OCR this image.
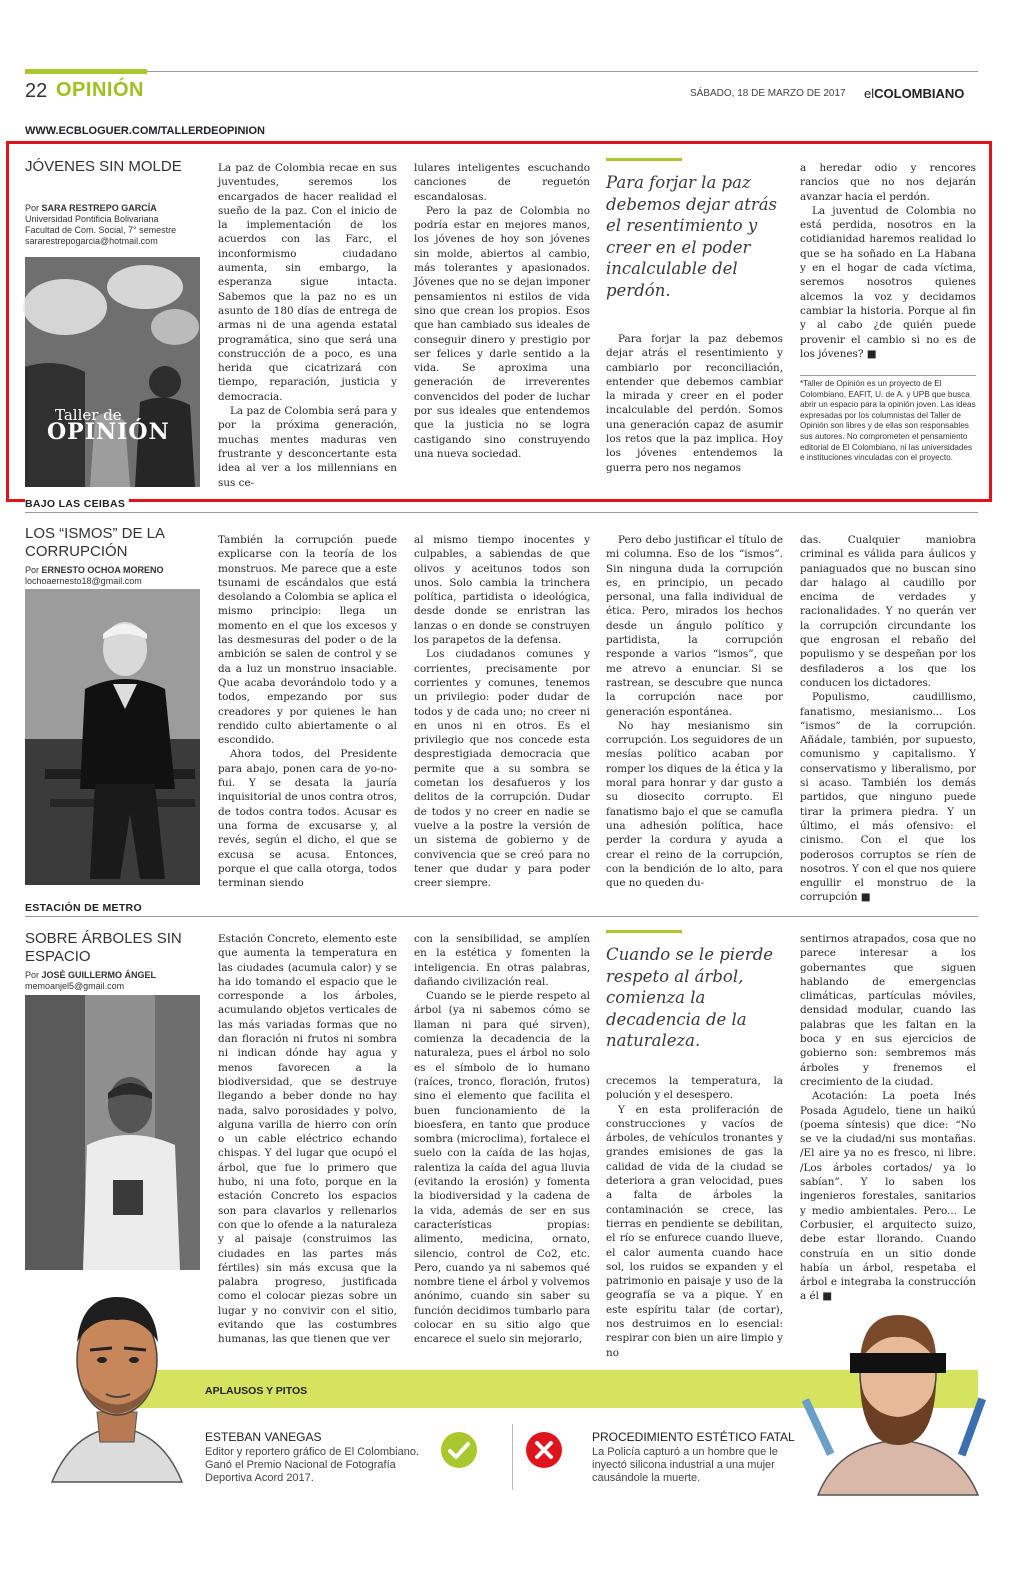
22 OPINIÓN	SÁBADO, 18 DE MARZO DE 2017 elCOLOMBIANO
WWW.ECBLOGUER.COM/TALLERDEOPINION
JÓVENES SIN MOLDE
Por SARA RESTREPO GARCÍA
Universidad Pontificia Bolivariana
Facultad de Com. Social, 7° semestre
sararestrepogarcia@hotmail.com
Taller de
OPINIÓN

La paz de Colombia recae en sus juventudes, seremos los encargados de hacer realidad el sueño de la paz. Con el inicio de la implementación de los acuerdos con las Farc, el inconformismo ciudadano aumenta, sin embargo, la esperanza sigue intacta. Sabemos que la paz no es un asunto de 180 días de entrega de armas ni de una agenda estatal programática, sino que será una construcción de a poco, es una herida que cicatrizará con tiempo, reparación, justicia y democracia.

La paz de Colombia será para y por la próxima generación, muchas mentes maduras ven frustrante y desconcertante esta idea al ver a los millennians en sus ce-

lulares inteligentes escuchando canciones de reguetón escandalosas.

Pero la paz de Colombia no podría estar en mejores manos, los jóvenes de hoy son jóvenes sin molde, abiertos al cambio, más tolerantes y apasionados. Jóvenes que no se dejan imponer pensamientos ni estilos de vida sino que crean los propios. Esos que han cambiado sus ideales de conseguir dinero y prestigio por ser felices y darle sentido a la vida. Se aproxima una generación de irreverentes convencidos del poder de luchar por sus ideales que entendemos que la justicia no se logra castigando sino construyendo una nueva sociedad.

Para forjar la paz debemos dejar atrás el resentimiento y creer en el poder incalculable del perdón.

Para forjar la paz debemos dejar atrás el resentimiento y cambiarlo por reconciliación, entender que debemos cambiar la mirada y creer en el poder incalculable del perdón. Somos una generación capaz de asumir los retos que la paz implica. Hoy los jóvenes entendemos la guerra pero nos negamos

a heredar odio y rencores rancios que no nos dejarán avanzar hacia el perdón.

La juventud de Colombia no está perdida, nosotros en la cotidianidad haremos realidad lo que se ha soñado en La Habana y en el hogar de cada víctima, seremos nosotros quienes alcemos la voz y decidamos cambiar la historia. Porque al fin y al cabo ¿de quién puede provenir el cambio si no es de los jóvenes? ■

*Taller de Opinión es un proyecto de El Colombiano, EAFIT, U. de A. y UPB que busca abrir un espacio para la opinión joven. Las ideas expresadas por los columnistas del Taller de Opinión son libres y de ellas son responsables sus autores. No comprometen el pensamiento editorial de El Colombiano, ni las universidades e instituciones vinculadas con el proyecto.
BAJO LAS CEIBAS
LOS “ISMOS” DE LA CORRUPCIÓN
Por ERNESTO OCHOA MORENO
lochoaernesto18@gmail.com

También la corrupción puede explicarse con la teoría de los monstruos. Me parece que a este tsunami de escándalos que está desolando a Colombia se aplica el mismo principio: llega un momento en el que los excesos y las desmesuras del poder o de la ambición se salen de control y se da a luz un monstruo insaciable. Que acaba devorándolo todo y a todos, empezando por sus creadores y por quienes le han rendido culto abiertamente o al escondido.

Ahora todos, del Presidente para abajo, ponen cara de yo-no-fui. Y se desata la jauría inquisitorial de unos contra otros, de todos contra todos. Acusar es una forma de excusarse y, al revés, según el dicho, el que se excusa se acusa. Entonces, porque el que calla otorga, todos terminan siendo

al mismo tiempo inocentes y culpables, a sabiendas de que olivos y aceitunos todos son unos. Solo cambia la trinchera política, partidista o ideológica, desde donde se enristran las lanzas o en donde se construyen los parapetos de la defensa.

Los ciudadanos comunes y corrientes, precisamente por corrientes y comunes, tenemos un privilegio: poder dudar de todos y de cada uno; no creer ni en unos ni en otros. Es el privilegio que nos concede esta desprestigiada democracia que permite que a su sombra se cometan los desafueros y los delitos de la corrupción. Dudar de todos y no creer en nadie se vuelve a la postre la versión de un sistema de gobierno y de convivencia que se creó para no tener que dudar y para poder creer siempre.

Pero debo justificar el título de mi columna. Eso de los “ismos”. Sin ninguna duda la corrupción es, en principio, un pecado personal, una falla individual de ética. Pero, mirados los hechos desde un ángulo político y partidista, la corrupción responde a varios “ismos”, que me atrevo a enunciar. Si se rastrean, se descubre que nunca la corrupción nace por generación espontánea.

No hay mesianismo sin corrupción. Los seguidores de un mesías político acaban por romper los diques de la ética y la moral para honrar y dar gusto a su diosecito corrupto. El fanatismo bajo el que se camufla una adhesión política, hace perder la cordura y ayuda a crear el reino de la corrupción, con la bendición de lo alto, para que no queden du-

das. Cualquier maniobra criminal es válida para áulicos y paniaguados que no buscan sino dar halago al caudillo por encima de verdades y racionalidades. Y no querán ver la corrupción circundante los que engrosan el rebaño del populismo y se despeñan por los desfiladeros a los que los conducen los dictadores.

Populismo, caudillismo, fanatismo, mesianismo... Los “ismos” de la corrupción. Añádale, también, por supuesto, comunismo y capitalismo. Y conservatismo y liberalismo, por si acaso. También los demás partidos, que ninguno puede tirar la primera piedra. Y un último, el más ofensivo: el cinismo. Con el que los poderosos corruptos se ríen de nosotros. Y con el que nos quiere engullir el monstruo de la corrupción ■

ESTACIÓN DE METRO
SOBRE ÁRBOLES SIN ESPACIO
Por JOSÉ GUILLERMO ÁNGEL
memoanjel5@gmail.com

Estación Concreto, elemento este que aumenta la temperatura en las ciudades (acumula calor) y se ha ido tomando el espacio que le corresponde a los árboles, acumulando objetos verticales de las más variadas formas que no dan floración ni frutos ni sombra ni indican dónde hay agua y menos favorecen a la biodiversidad, que se destruye llegando a beber donde no hay nada, salvo porosidades y polvo, alguna varilla de hierro con orín o un cable eléctrico echando chispas. Y del lugar que ocupó el árbol, que fue lo primero que hubo, ni una foto, porque en la estación Concreto los espacios son para clavarlos y rellenarlos con que lo ofende a la naturaleza y al paisaje (construimos las ciudades en las partes más fértiles) sin más excusa que la palabra progreso, justificada como el colocar piezas sobre un lugar y no convivir con el sitio, evitando que las costumbres humanas, las que tienen que ver

con la sensibilidad, se amplíen en la estética y fomenten la inteligencia. En otras palabras, dañando civilización real.

Cuando se le pierde respeto al árbol (ya ni sabemos cómo se llaman ni para qué sirven), comienza la decadencia de la naturaleza, pues el árbol no solo es el símbolo de lo humano (raíces, tronco, floración, frutos) sino el elemento que facilita el buen funcionamiento de la bioesfera, en tanto que produce sombra (microclima), fortalece el suelo con la caída de las hojas, ralentiza la caída del agua lluvia (evitando la erosión) y fomenta la biodiversidad y la cadena de la vida, además de ser en sus características propias: alimento, medicina, ornato, silencio, control de Co2, etc. Pero, cuando ya ni sabemos qué nombre tiene el árbol y volvemos anónimo, cuando sin saber su función decidimos tumbarlo para colocar en su sitio algo que encarece el suelo sin mejorarlo,

Cuando se le pierde respeto al árbol, comienza la decadencia de la naturaleza.

crecemos la temperatura, la polución y el desespero.

Y en esta proliferación de construcciones y vacíos de árboles, de vehículos tronantes y grandes emisiones de gas la calidad de vida de la ciudad se deteriora a gran velocidad, pues a falta de árboles la contaminación se crece, las tierras en pendiente se debilitan, el río se enfurece cuando llueve, el calor aumenta cuando hace sol, los ruidos se expanden y el patrimonio en paisaje y uso de la geografía se va a pique. Y en este espíritu talar (de cortar), nos destruimos en lo esencial: respirar con bien un aire limpio y no

sentirnos atrapados, cosa que no parece interesar a los gobernantes que siguen hablando de emergencias climáticas, partículas móviles, densidad modular, cuando las palabras que les faltan en la boca y en sus ejercicios de gobierno son: sembremos más árboles y frenemos el crecimiento de la ciudad.

Acotación: La poeta Inés Posada Agudelo, tiene un haikú (poema síntesis) que dice: “No se ve la ciudad/ni sus montañas. /El aire ya no es fresco, ni libre. /Los árboles cortados/ ya lo sabían”. Y lo saben los ingenieros forestales, sanitarios y medio ambientales. Pero... Le Corbusier, el arquitecto suizo, debe estar llorando. Cuando construía en un sitio donde había un árbol, respetaba el árbol e integraba la construcción a él ■

APLAUSOS Y PITOS
ESTEBAN VANEGAS
Editor y reportero gráfico de El Colombiano. Ganó el Premio Nacional de Fotografía Deportiva Acord 2017.
PROCEDIMIENTO ESTÉTICO FATAL
La Policía capturó a un hombre que le inyectó silicona industrial a una mujer causándole la muerte.
